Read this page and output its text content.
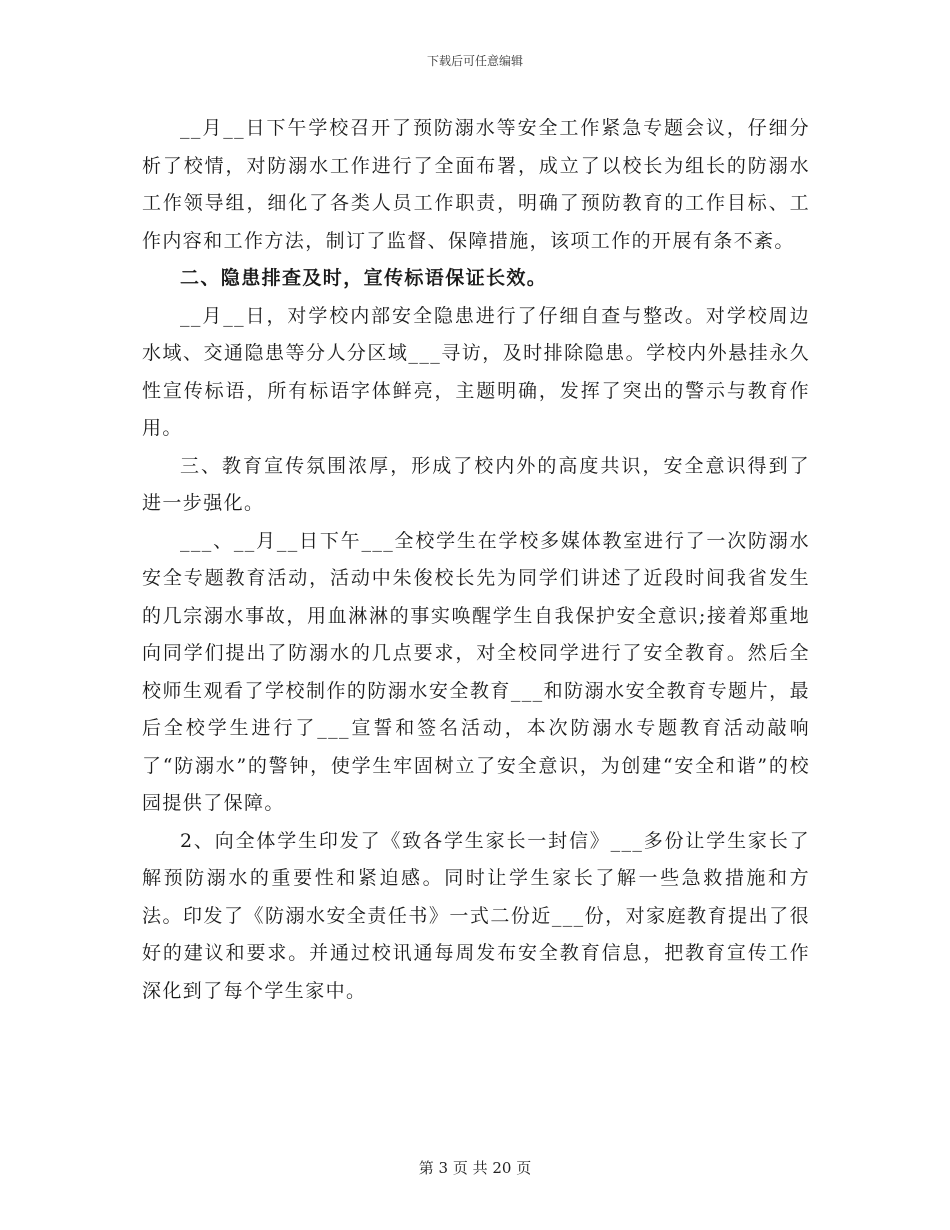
下载后可任意编辑

__月__日下午学校召开了预防溺水等安全工作紧急专题会议，仔细分析了校情，对防溺水工作进行了全面布署，成立了以校长为组长的防溺水工作领导组，细化了各类人员工作职责，明确了预防教育的工作目标、工作内容和工作方法，制订了监督、保障措施，该项工作的开展有条不紊。

二、隐患排查及时，宣传标语保证长效。

__月__日，对学校内部安全隐患进行了仔细自查与整改。对学校周边水域、交通隐患等分人分区域___寻访，及时排除隐患。学校内外悬挂永久性宣传标语，所有标语字体鲜亮，主题明确，发挥了突出的警示与教育作用。

三、教育宣传氛围浓厚，形成了校内外的高度共识，安全意识得到了进一步强化。

___、__月__日下午___全校学生在学校多媒体教室进行了一次防溺水安全专题教育活动，活动中朱俊校长先为同学们讲述了近段时间我省发生的几宗溺水事故，用血淋淋的事实唤醒学生自我保护安全意识;接着郑重地向同学们提出了防溺水的几点要求，对全校同学进行了安全教育。然后全校师生观看了学校制作的防溺水安全教育___和防溺水安全教育专题片，最后全校学生进行了___宣誓和签名活动，本次防溺水专题教育活动敲响了“防溺水”的警钟，使学生牢固树立了安全意识，为创建“安全和谐”的校园提供了保障。

2、向全体学生印发了《致各学生家长一封信》___多份让学生家长了解预防溺水的重要性和紧迫感。同时让学生家长了解一些急救措施和方法。印发了《防溺水安全责任书》一式二份近___份，对家庭教育提出了很好的建议和要求。并通过校讯通每周发布安全教育信息，把教育宣传工作深化到了每个学生家中。

第 3 页 共 20 页
